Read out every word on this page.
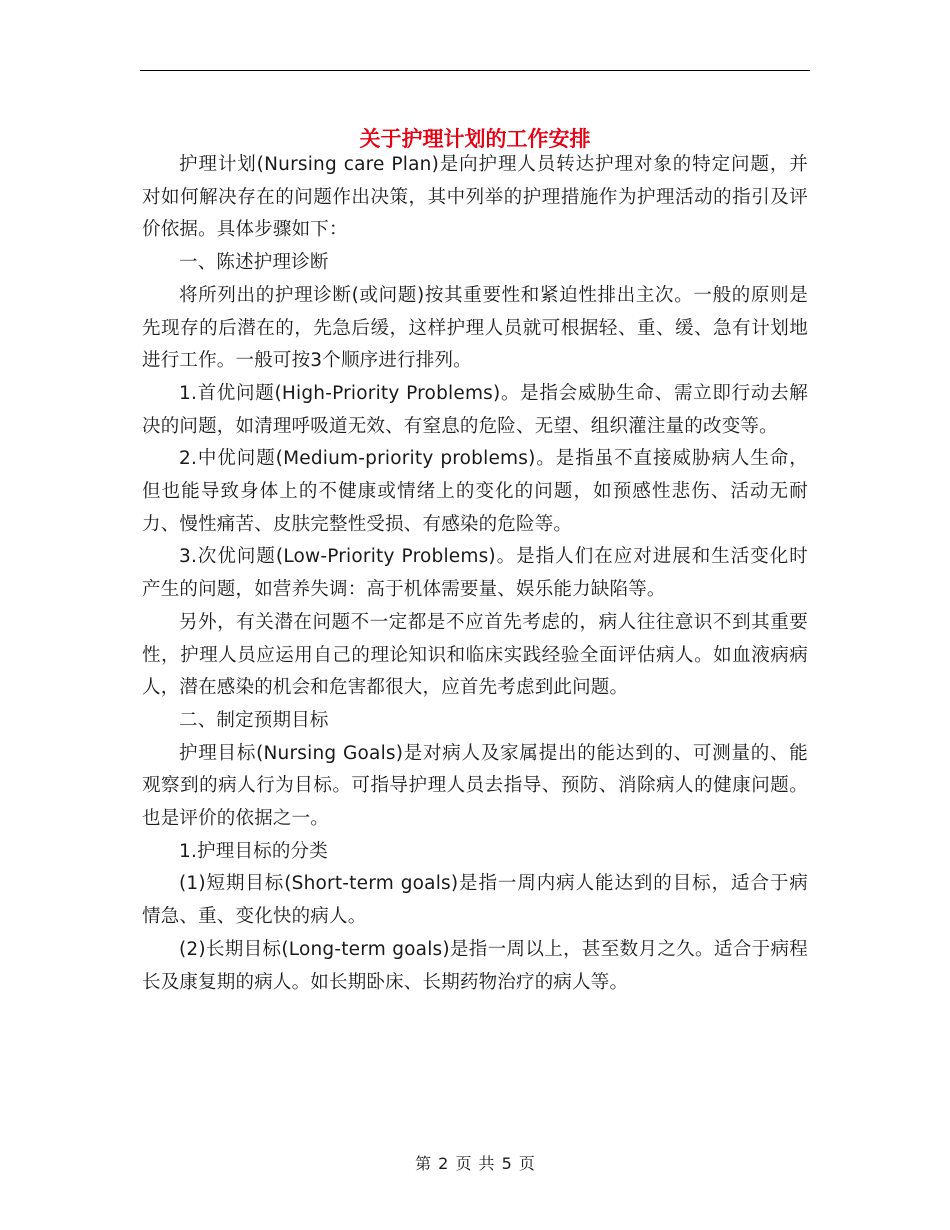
关于护理计划的工作安排

护理计划(Nursing care Plan)是向护理人员转达护理对象的特定问题，并对如何解决存在的问题作出决策，其中列举的护理措施作为护理活动的指引及评价依据。具体步骤如下：

一、陈述护理诊断

将所列出的护理诊断(或问题)按其重要性和紧迫性排出主次。一般的原则是先现存的后潜在的，先急后缓，这样护理人员就可根据轻、重、缓、急有计划地进行工作。一般可按3个顺序进行排列。

1.首优问题(High-Priority Problems)。是指会威胁生命、需立即行动去解决的问题，如清理呼吸道无效、有窒息的危险、无望、组织灌注量的改变等。

2.中优问题(Medium-priority problems)。是指虽不直接威胁病人生命，但也能导致身体上的不健康或情绪上的变化的问题，如预感性悲伤、活动无耐力、慢性痛苦、皮肤完整性受损、有感染的危险等。

3.次优问题(Low-Priority Problems)。是指人们在应对进展和生活变化时产生的问题，如营养失调：高于机体需要量、娱乐能力缺陷等。

另外，有关潜在问题不一定都是不应首先考虑的，病人往往意识不到其重要性，护理人员应运用自己的理论知识和临床实践经验全面评估病人。如血液病病人，潜在感染的机会和危害都很大，应首先考虑到此问题。

二、制定预期目标

护理目标(Nursing Goals)是对病人及家属提出的能达到的、可测量的、能观察到的病人行为目标。可指导护理人员去指导、预防、消除病人的健康问题。也是评价的依据之一。

1.护理目标的分类

(1)短期目标(Short-term goals)是指一周内病人能达到的目标，适合于病情急、重、变化快的病人。

(2)长期目标(Long-term goals)是指一周以上，甚至数月之久。适合于病程长及康复期的病人。如长期卧床、长期药物治疗的病人等。

第 2 页 共 5 页
